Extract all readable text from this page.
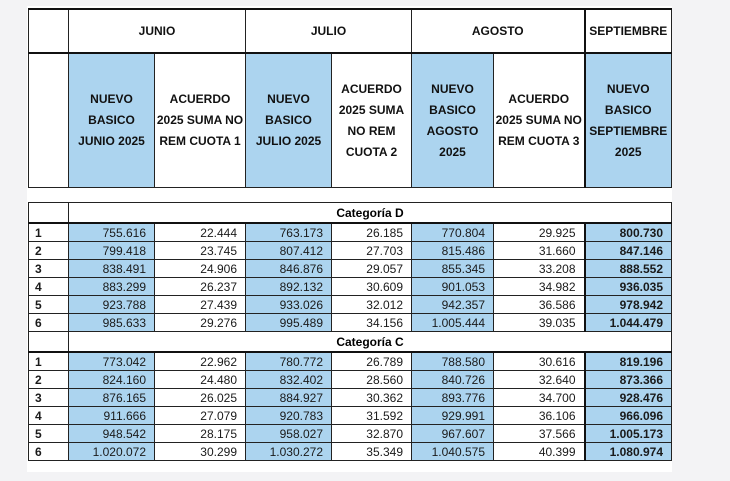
	JUNIO		JULIO		AGOSTO		SEPTIEMBRE
	NUEVO BASICO JUNIO 2025	ACUERDO 2025 SUMA NO REM CUOTA 1	NUEVO BASICO JULIO 2025	ACUERDO 2025 SUMA NO REM CUOTA 2	NUEVO BASICO AGOSTO 2025	ACUERDO 2025 SUMA NO REM CUOTA 3	NUEVO BASICO SEPTIEMBRE 2025

	Categoría D						
1	755.616	22.444	763.173	26.185	770.804	29.925	800.730
2	799.418	23.745	807.412	27.703	815.486	31.660	847.146
3	838.491	24.906	846.876	29.057	855.345	33.208	888.552
4	883.299	26.237	892.132	30.609	901.053	34.982	936.035
5	923.788	27.439	933.026	32.012	942.357	36.586	978.942
6	985.633	29.276	995.489	34.156	1.005.444	39.035	1.044.479
	Categoría C						
1	773.042	22.962	780.772	26.789	788.580	30.616	819.196
2	824.160	24.480	832.402	28.560	840.726	32.640	873.366
3	876.165	26.025	884.927	30.362	893.776	34.700	928.476
4	911.666	27.079	920.783	31.592	929.991	36.106	966.096
5	948.542	28.175	958.027	32.870	967.607	37.566	1.005.173
6	1.020.072	30.299	1.030.272	35.349	1.040.575	40.399	1.080.974
